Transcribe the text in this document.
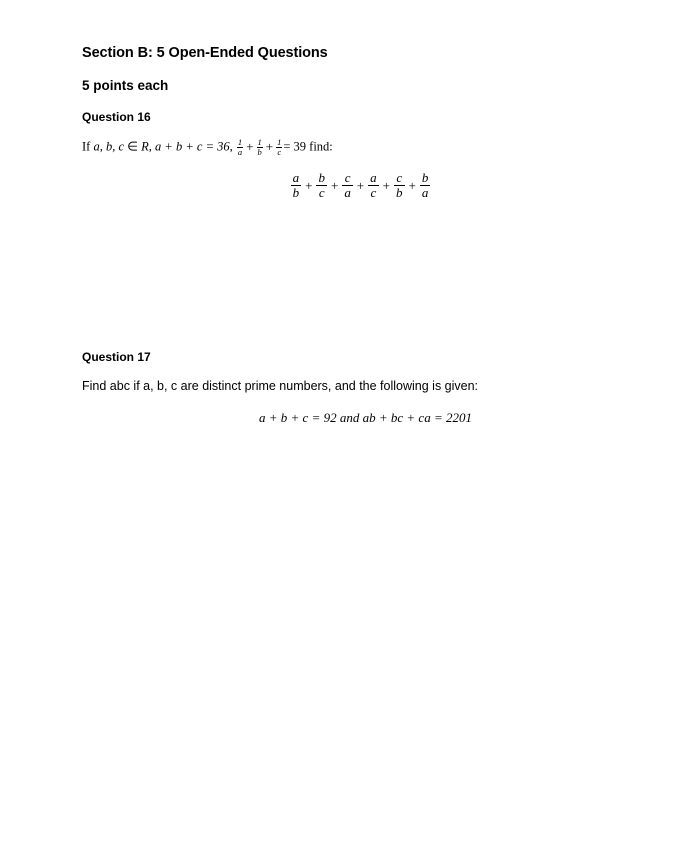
Section B: 5 Open-Ended Questions

5 points each

Question 16

If a, b, c ∈ R, a + b + c = 36, $\frac{1}{a} + \frac{1}{b} + \frac{1}{c} = 39$ find:

$\frac{a}{b} + \frac{b}{c} + \frac{c}{a} + \frac{a}{c} + \frac{c}{b} + \frac{b}{a}$

Question 17

Find abc if a, b, c are distinct prime numbers, and the following is given:

a + b + c = 92 and ab + bc + ca = 2201
